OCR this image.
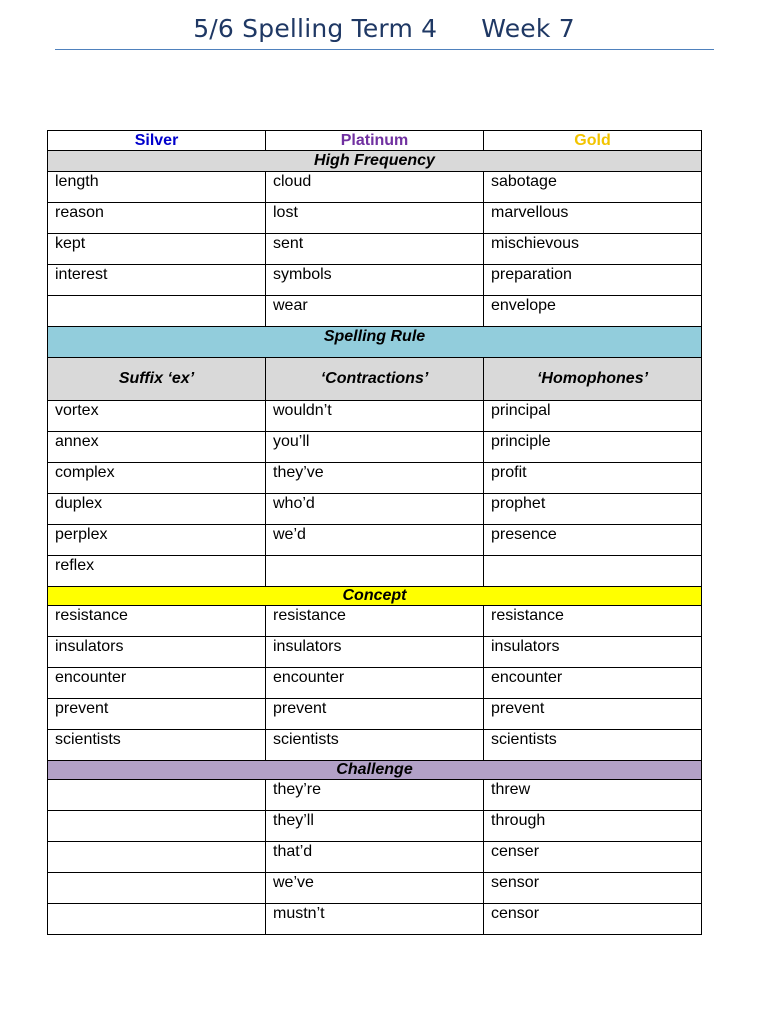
5/6 Spelling Term 4 Week 7
Silver	Platinum	Gold
High Frequency		
length	cloud	sabotage
reason	lost	marvellous
kept	sent	mischievous
interest	symbols	preparation
	wear	envelope
Spelling Rule		
Suffix ‘ex’	‘Contractions’	‘Homophones’
vortex	wouldn’t	principal
annex	you’ll	principle
complex	they’ve	profit
duplex	who’d	prophet
perplex	we’d	presence
reflex		
Concept		
resistance	resistance	resistance
insulators	insulators	insulators
encounter	encounter	encounter
prevent	prevent	prevent
scientists	scientists	scientists
Challenge		
	they’re	threw
	they’ll	through
	that’d	censer
	we’ve	sensor
	mustn’t	censor
